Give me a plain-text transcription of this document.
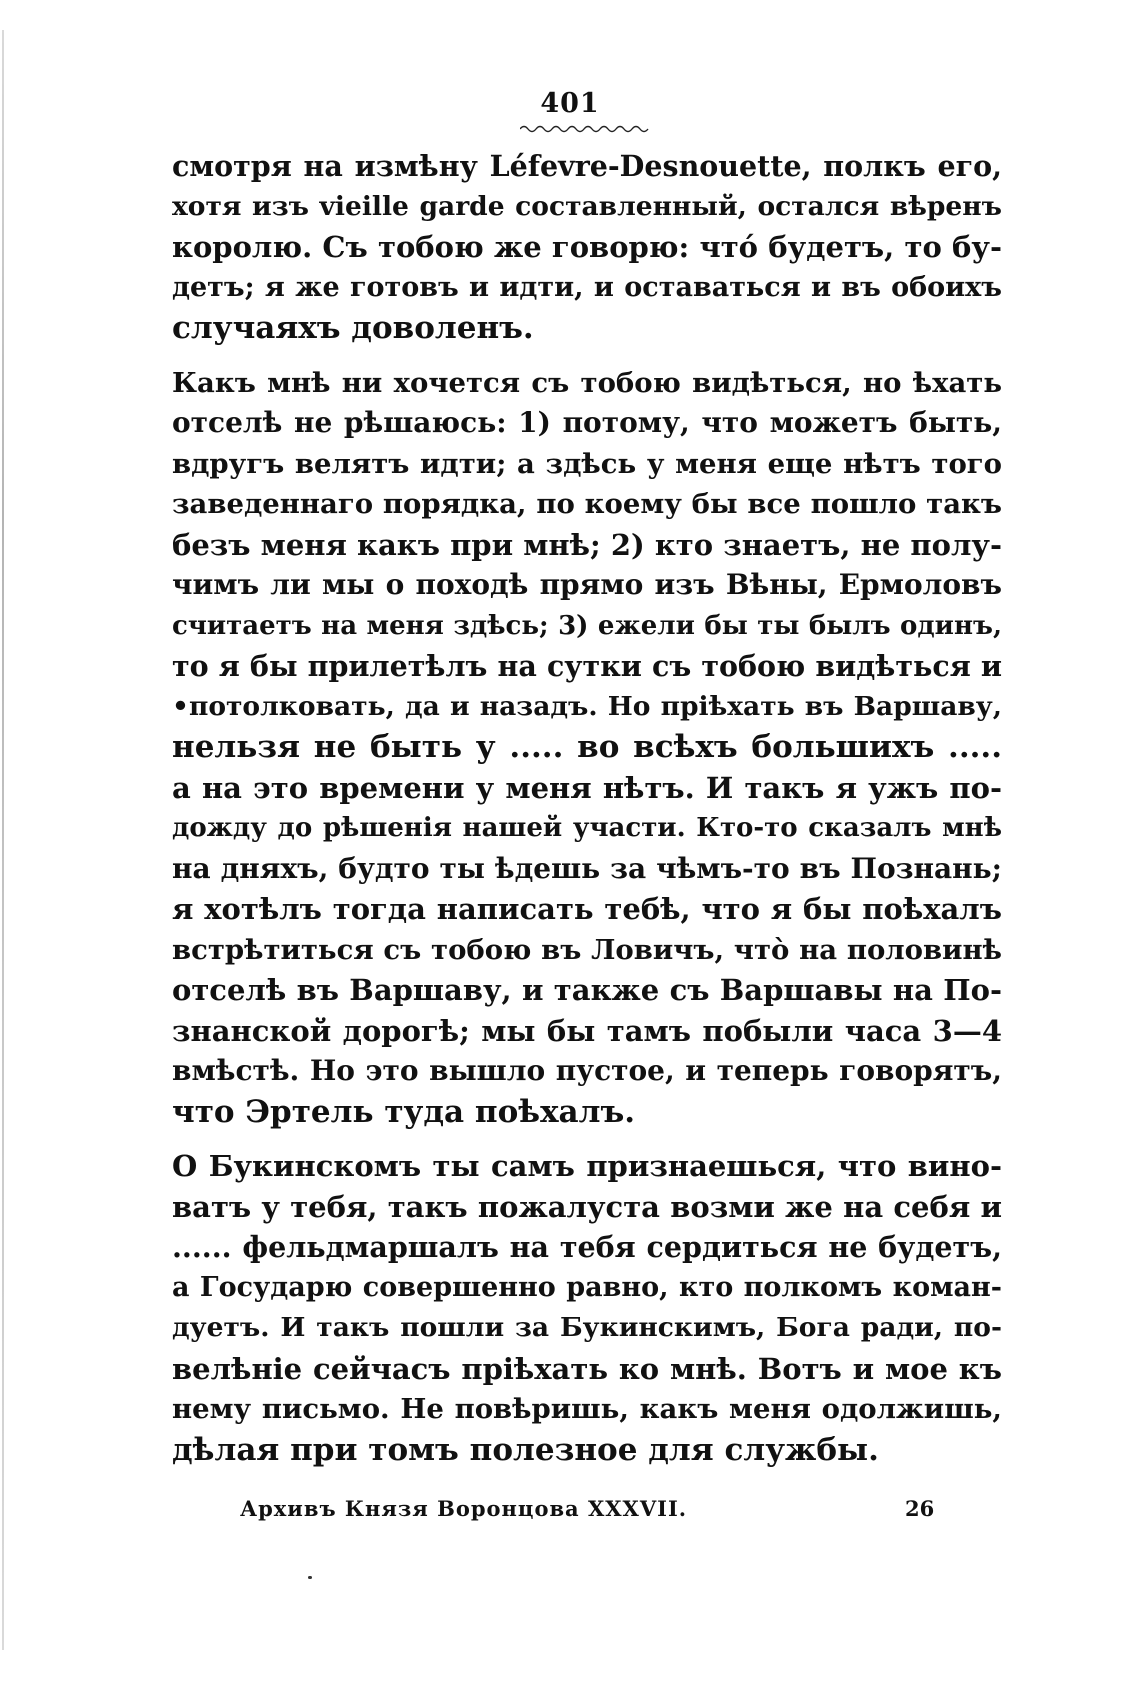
401
смотря на измѣну Léfevre-Desnouette, полкъ его,
хотя изъ vieille garde составленный, остался вѣренъ
королю. Съ тобою же говорю: что́ будетъ, то бу-
детъ; я же готовъ и идти, и оставаться и въ обоихъ
случаяхъ доволенъ.
Какъ мнѣ ни хочется съ тобою видѣться, но ѣхать
отселѣ не рѣшаюсь: 1) потому, что можетъ быть,
вдругъ велятъ идти; а здѣсь у меня еще нѣтъ того
заведеннаго порядка, по коему бы все пошло такъ
безъ меня какъ при мнѣ; 2) кто знаетъ, не полу-
чимъ ли мы о походѣ прямо изъ Вѣны, Ермоловъ
считаетъ на меня здѣсь; 3) ежели бы ты былъ одинъ,
то я бы прилетѣлъ на сутки съ тобою видѣться и
•потолковать, да и назадъ. Но пріѣхать въ Варшаву,
нельзя не быть у ..... во всѣхъ большихъ .....
а на это времени у меня нѣтъ. И такъ я ужъ по-
дожду до рѣшенія нашей участи. Кто-то сказалъ мнѣ
на дняхъ, будто ты ѣдешь за чѣмъ-то въ Познань;
я хотѣлъ тогда написать тебѣ, что я бы поѣхалъ
встрѣтиться съ тобою въ Ловичъ, что̀ на половинѣ
отселѣ въ Варшаву, и также съ Варшавы на По-
знанской дорогѣ; мы бы тамъ побыли часа 3—4
вмѣстѣ. Но это вышло пустое, и теперь говорятъ,
что Эртель туда поѣхалъ.
О Букинскомъ ты самъ признаешься, что вино-
ватъ у тебя, такъ пожалуста возми же на себя и
...... фельдмаршалъ на тебя сердиться не будетъ,
а Государю совершенно равно, кто полкомъ коман-
дуетъ. И такъ пошли за Букинскимъ, Бога ради, по-
велѣніе сейчасъ пріѣхать ко мнѣ. Вотъ и мое къ
нему письмо. Не повѣришь, какъ меня одолжишь,
дѣлая при томъ полезное для службы.
Архивъ Князя Воронцова XXXVII.	26
